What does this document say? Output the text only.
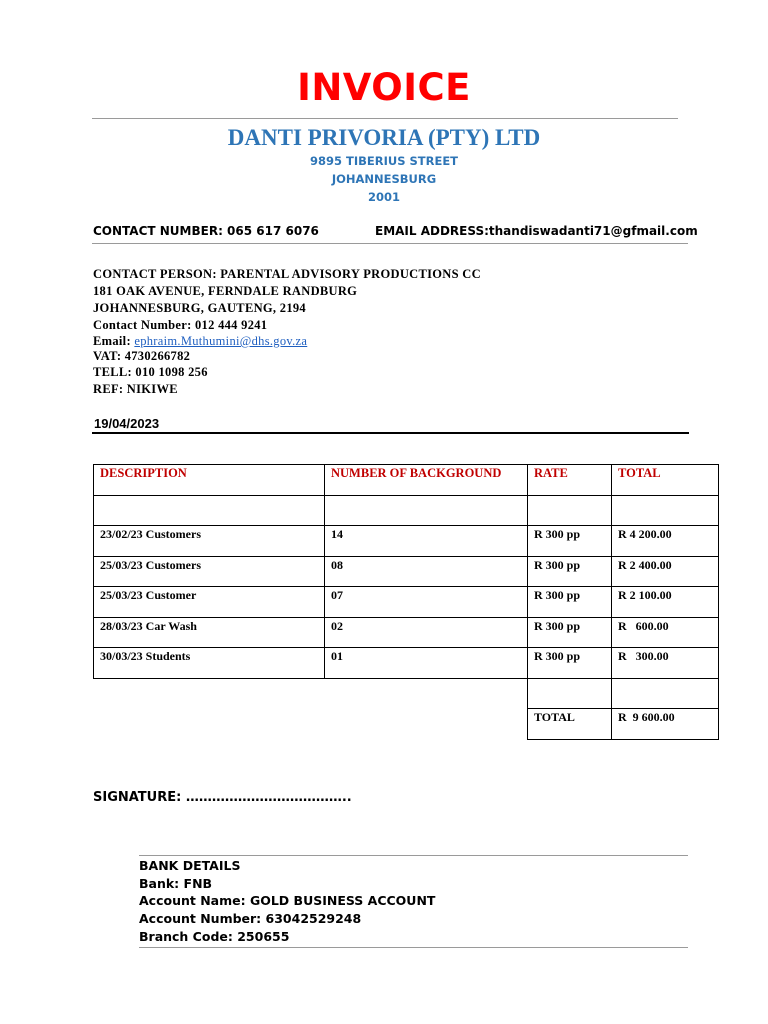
INVOICE
DANTI PRIVORIA (PTY) LTD
9895 TIBERIUS STREET
JOHANNESBURG
2001
CONTACT NUMBER: 065 617 6076	EMAIL ADDRESS:thandiswadanti71@gfmail.com
CONTACT PERSON: PARENTAL ADVISORY PRODUCTIONS CC
181 OAK AVENUE, FERNDALE RANDBURG
JOHANNESBURG, GAUTENG, 2194
Contact Number: 012 444 9241
Email: ephraim.Muthumini@dhs.gov.za
VAT: 4730266782
TELL: 010 1098 256
REF: NIKIWE
19/04/2023
DESCRIPTION	NUMBER OF BACKGROUND	RATE	TOTAL

23/02/23 Customers	14	R 300 pp	R 4 200.00
25/03/23 Customers	08	R 300 pp	R 2 400.00
25/03/23 Customer	07	R 300 pp	R 2 100.00
28/03/23 Car Wash	02	R 300 pp	R   600.00
30/03/23 Students	01	R 300 pp	R   300.00

		TOTAL	R  9 600.00
SIGNATURE: ………………………………..
BANK DETAILS
Bank: FNB
Account Name: GOLD BUSINESS ACCOUNT
Account Number: 63042529248
Branch Code: 250655
